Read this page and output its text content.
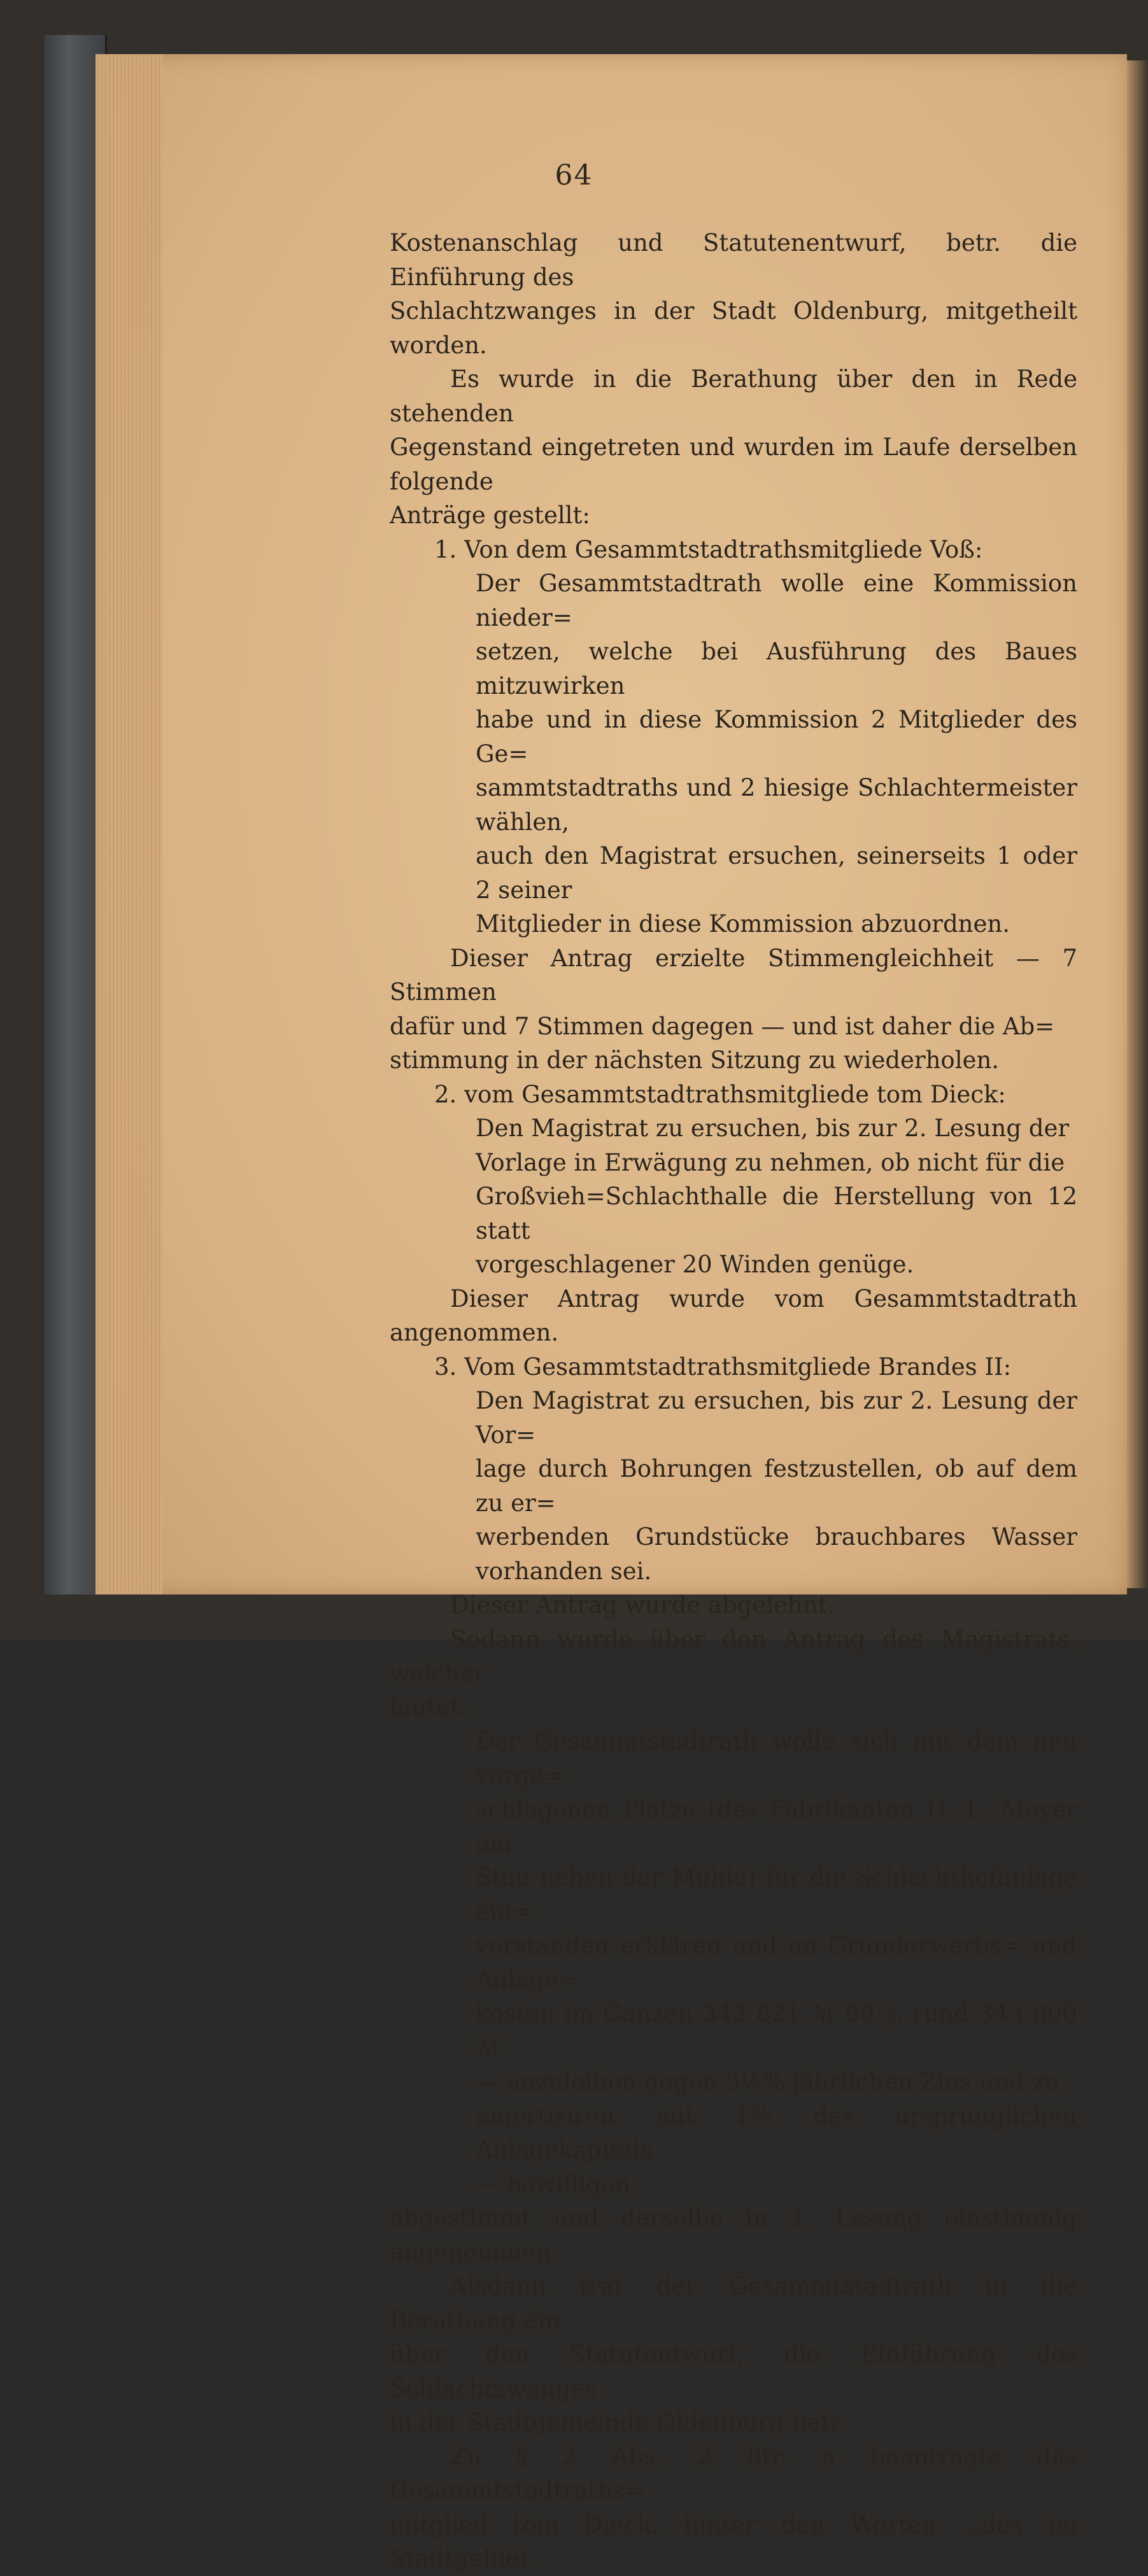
64

Kostenanschlag und Statutenentwurf, betr. die Einführung des

Schlachtzwanges in der Stadt Oldenburg, mitgetheilt worden.

Es wurde in die Berathung über den in Rede stehenden

Gegenstand eingetreten und wurden im Laufe derselben folgende

Anträge gestellt:

1. Von dem Gesammtstadtrathsmitgliede Voß:

Der Gesammtstadtrath wolle eine Kommission nieder=

setzen, welche bei Ausführung des Baues mitzuwirken

habe und in diese Kommission 2 Mitglieder des Ge=

sammtstadtraths und 2 hiesige Schlachtermeister wählen,

auch den Magistrat ersuchen, seinerseits 1 oder 2 seiner

Mitglieder in diese Kommission abzuordnen.

Dieser Antrag erzielte Stimmengleichheit — 7 Stimmen

dafür und 7 Stimmen dagegen — und ist daher die Ab=

stimmung in der nächsten Sitzung zu wiederholen.

2. vom Gesammtstadtrathsmitgliede tom Dieck:

Den Magistrat zu ersuchen, bis zur 2. Lesung der

Vorlage in Erwägung zu nehmen, ob nicht für die

Großvieh=Schlachthalle die Herstellung von 12 statt

vorgeschlagener 20 Winden genüge.

Dieser Antrag wurde vom Gesammtstadtrath angenommen.

3. Vom Gesammtstadtrathsmitgliede Brandes II:

Den Magistrat zu ersuchen, bis zur 2. Lesung der Vor=

lage durch Bohrungen festzustellen, ob auf dem zu er=

werbenden Grundstücke brauchbares Wasser vorhanden sei.

Dieser Antrag wurde abgelehnt.

Sodann wurde über den Antrag des Magistrats, welcher

lautet:

Der Gesammtstadtrath wolle sich mit dem neu vorge=

schlagenen Platze (des Fabrikanten H. L. Meyer am

Stau neben der Mühle) für die Schlachthofanlage ein=

verstanden erklären und an Grunderwerbs= und Anlage=

kosten im Ganzen 343 821 ℳ 90 ₰, rund 343 800 ℳ

— anzuleihen gegen 3½% jährlichen Zins und zu

amortisiren mit 1% des ursprünglichen Anlagekapitals

— bewilligen,

abgestimmt und derselbe in 1. Lesung einstimmig angenommen.

Alsdann trat der Gesammtstadtrath in die Berathung ein

über den Statutentwurf, die Einführung des Schlachtzwanges

in der Stadtgemeinde Oldenburg betr.

Zu § 2 Abs. 2 litr. a beantragte das Gesammtstadtraths=

mitglied tom Dieck, hinter den Worten: „des im Stadtgebiet
